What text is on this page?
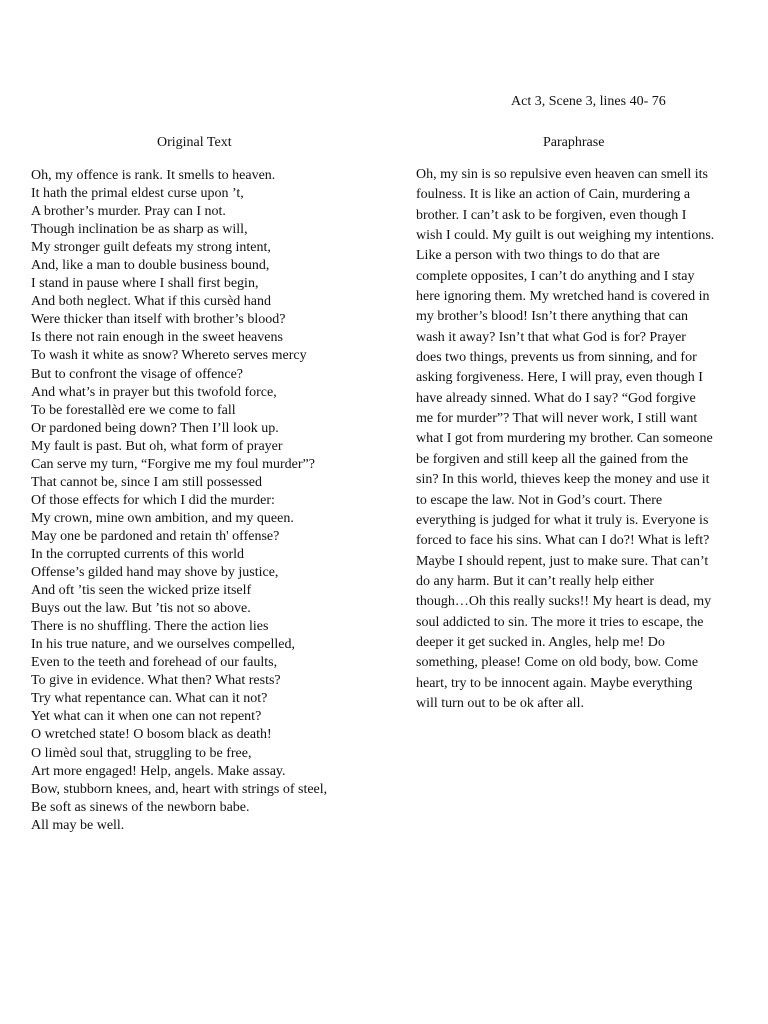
Act 3, Scene 3, lines 40- 76
Original Text	Paraphrase
Oh, my offence is rank. It smells to heaven.
It hath the primal eldest curse upon ’t,
A brother’s murder. Pray can I not.
Though inclination be as sharp as will,
My stronger guilt defeats my strong intent,
And, like a man to double business bound,
I stand in pause where I shall first begin,
And both neglect. What if this cursèd hand
Were thicker than itself with brother’s blood?
Is there not rain enough in the sweet heavens
To wash it white as snow? Whereto serves mercy
But to confront the visage of offence?
And what’s in prayer but this twofold force,
To be forestallèd ere we come to fall
Or pardoned being down? Then I’ll look up.
My fault is past. But oh, what form of prayer
Can serve my turn, “Forgive me my foul murder”?
That cannot be, since I am still possessed
Of those effects for which I did the murder:
My crown, mine own ambition, and my queen.
May one be pardoned and retain th' offense?
In the corrupted currents of this world
Offense’s gilded hand may shove by justice,
And oft ’tis seen the wicked prize itself
Buys out the law. But ’tis not so above.
There is no shuffling. There the action lies
In his true nature, and we ourselves compelled,
Even to the teeth and forehead of our faults,
To give in evidence. What then? What rests?
Try what repentance can. What can it not?
Yet what can it when one can not repent?
O wretched state! O bosom black as death!
O limèd soul that, struggling to be free,
Art more engaged! Help, angels. Make assay.
Bow, stubborn knees, and, heart with strings of steel,
Be soft as sinews of the newborn babe.
All may be well.
Oh, my sin is so repulsive even heaven can smell its
foulness. It is like an action of Cain, murdering a
brother. I can’t ask to be forgiven, even though I
wish I could. My guilt is out weighing my intentions.
Like a person with two things to do that are
complete opposites, I can’t do anything and I stay
here ignoring them. My wretched hand is covered in
my brother’s blood! Isn’t there anything that can
wash it away? Isn’t that what God is for? Prayer
does two things, prevents us from sinning, and for
asking forgiveness. Here, I will pray, even though I
have already sinned. What do I say? “God forgive
me for murder”? That will never work, I still want
what I got from murdering my brother. Can someone
be forgiven and still keep all the gained from the
sin? In this world, thieves keep the money and use it
to escape the law. Not in God’s court. There
everything is judged for what it truly is. Everyone is
forced to face his sins. What can I do?! What is left?
Maybe I should repent, just to make sure. That can’t
do any harm. But it can’t really help either
though…Oh this really sucks!! My heart is dead, my
soul addicted to sin. The more it tries to escape, the
deeper it get sucked in. Angles, help me! Do
something, please! Come on old body, bow. Come
heart, try to be innocent again. Maybe everything
will turn out to be ok after all.
